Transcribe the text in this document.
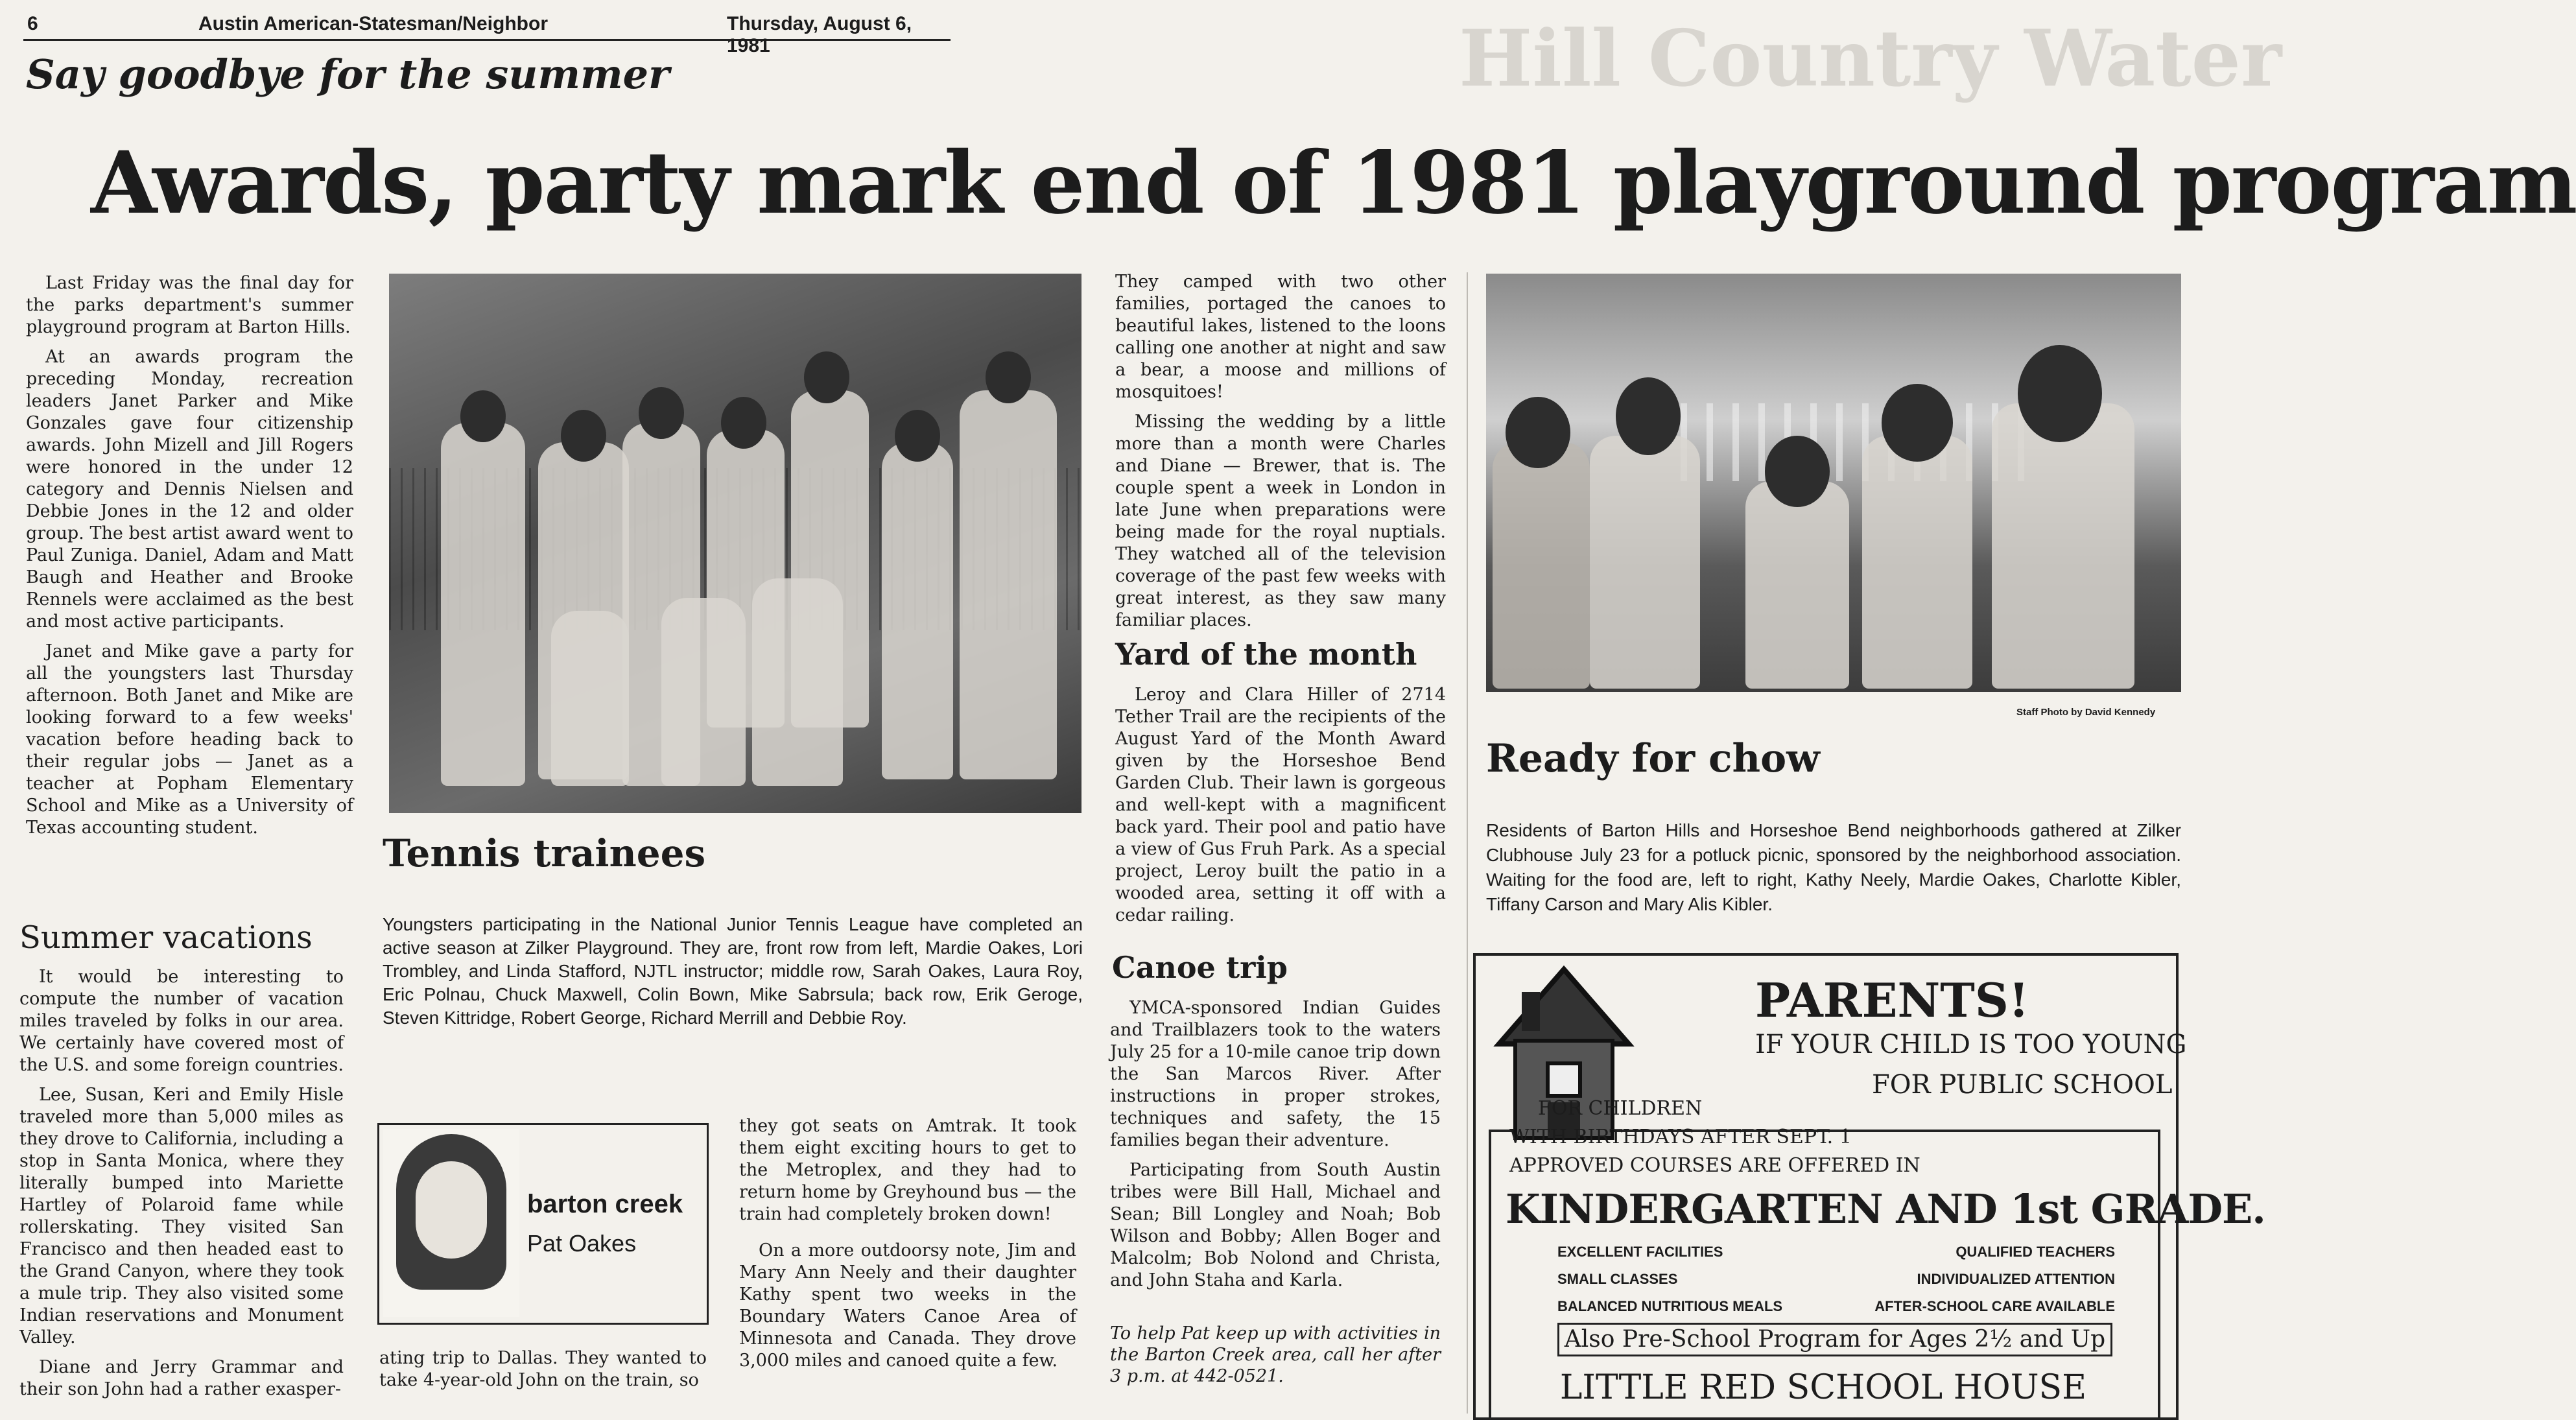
6	Austin American-Statesman/Neighbor	Thursday, August 6, 1981	Hill Country Water
Say goodbye for the summer
Awards, party mark end of 1981 playground program

Last Friday was the final day for the parks department's summer playground program at Barton Hills.

At an awards program the preceding Monday, recreation leaders Janet Parker and Mike Gonzales gave four citizenship awards. John Mizell and Jill Rogers were honored in the under 12 category and Dennis Nielsen and Debbie Jones in the 12 and older group. The best artist award went to Paul Zuniga. Daniel, Adam and Matt Baugh and Heather and Brooke Rennels were acclaimed as the best and most active participants.

Janet and Mike gave a party for all the youngsters last Thursday afternoon. Both Janet and Mike are looking forward to a few weeks' vacation before heading back to their regular jobs — Janet as a teacher at Popham Elementary School and Mike as a University of Texas accounting student.

Summer vacations

It would be interesting to compute the number of vacation miles traveled by folks in our area. We certainly have covered most of the U.S. and some foreign countries.

Lee, Susan, Keri and Emily Hisle traveled more than 5,000 miles as they drove to California, including a stop in Santa Monica, where they literally bumped into Mariette Hartley of Polaroid fame while rollerskating. They visited San Francisco and then headed east to the Grand Canyon, where they took a mule trip. They also visited some Indian reservations and Monument Valley.

Diane and Jerry Grammar and their son John had a rather exasper-

Tennis trainees
Youngsters participating in the National Junior Tennis League have completed an active season at Zilker Playground. They are, front row from left, Mardie Oakes, Lori Trombley, and Linda Stafford, NJTL instructor; middle row, Sarah Oakes, Laura Roy, Eric Polnau, Chuck Maxwell, Colin Bown, Mike Sabrsula; back row, Erik Geroge, Steven Kittridge, Robert George, Richard Merrill and Debbie Roy.
barton creek
Pat Oakes

ating trip to Dallas. They wanted to take 4-year-old John on the train, so

they got seats on Amtrak. It took them eight exciting hours to get to the Metroplex, and they had to return home by Greyhound bus — the train had completely broken down!

On a more outdoorsy note, Jim and Mary Ann Neely and their daughter Kathy spent two weeks in the Boundary Waters Canoe Area of Minnesota and Canada. They drove 3,000 miles and canoed quite a few.

They camped with two other families, portaged the canoes to beautiful lakes, listened to the loons calling one another at night and saw a bear, a moose and millions of mosquitoes!

Missing the wedding by a little more than a month were Charles and Diane — Brewer, that is. The couple spent a week in London in late June when preparations were being made for the royal nuptials. They watched all of the television coverage of the past few weeks with great interest, as they saw many familiar places.

Yard of the month

Leroy and Clara Hiller of 2714 Tether Trail are the recipients of the August Yard of the Month Award given by the Horseshoe Bend Garden Club. Their lawn is gorgeous and well-kept with a magnificent back yard. Their pool and patio have a view of Gus Fruh Park. As a special project, Leroy built the patio in a wooded area, setting it off with a cedar railing.

Canoe trip

YMCA-sponsored Indian Guides and Trailblazers took to the waters July 25 for a 10-mile canoe trip down the San Marcos River. After instructions in proper strokes, techniques and safety, the 15 families began their adventure.

Participating from South Austin tribes were Bill Hall, Michael and Sean; Bill Longley and Noah; Bob Wilson and Bobby; Allen Boger and Malcolm; Bob Nolond and Christa, and John Staha and Karla.

To help Pat keep up with activities in the Barton Creek area, call her after 3 p.m. at 442-0521.
Staff Photo by David Kennedy
Ready for chow
Residents of Barton Hills and Horseshoe Bend neighborhoods gathered at Zilker Clubhouse July 23 for a potluck picnic, sponsored by the neighborhood association. Waiting for the food are, left to right, Kathy Neely, Mardie Oakes, Charlotte Kibler, Tiffany Carson and Mary Alis Kibler.
PARENTS!
IF YOUR CHILD IS TOO YOUNG
FOR PUBLIC SCHOOL
FOR CHILDREN
WITH BIRTHDAYS AFTER SEPT. 1
APPROVED COURSES ARE OFFERED IN
KINDERGARTEN AND 1st GRADE.
EXCELLENT FACILITIES	QUALIFIED TEACHERS
SMALL CLASSES	INDIVIDUALIZED ATTENTION
BALANCED NUTRITIOUS MEALS	AFTER-SCHOOL CARE AVAILABLE
Also Pre-School Program for Ages 2½ and Up
LITTLE RED SCHOOL HOUSE
